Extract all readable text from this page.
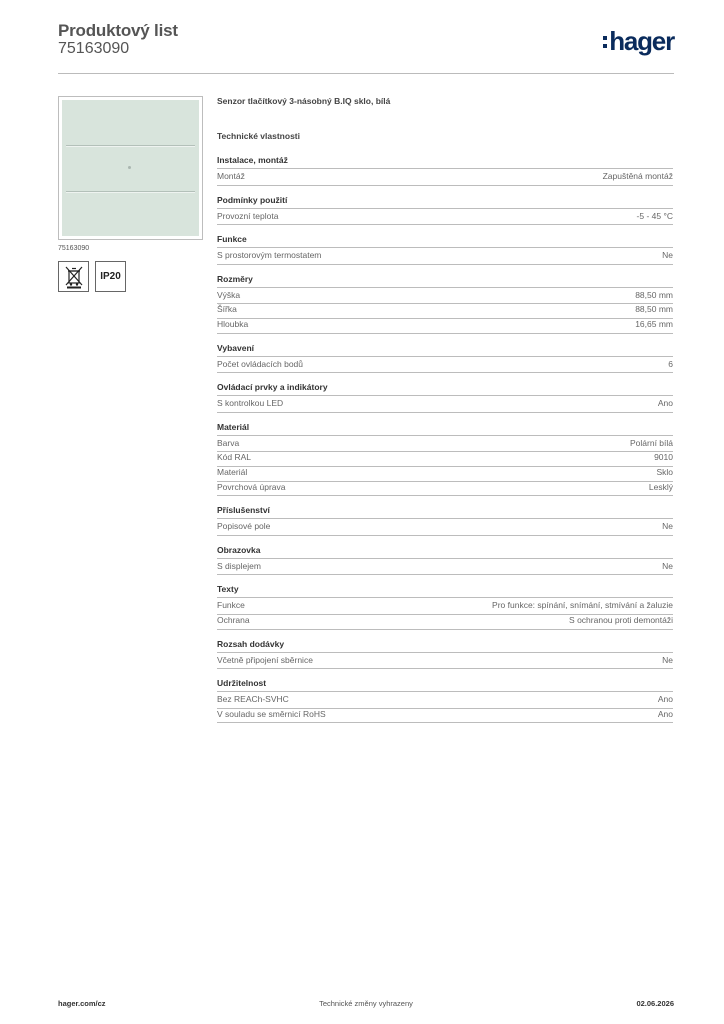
Produktový list
75163090	hager
75163090
IP20
Senzor tlačítkový 3-násobný B.IQ sklo, bílá
Technické vlastnosti
Instalace, montáž
Montáž	Zapuštěná montáž
Podmínky použití
Provozní teplota	-5 - 45 °C
Funkce
S prostorovým termostatem	Ne
Rozměry
Výška	88,50 mm
Šířka	88,50 mm
Hloubka	16,65 mm
Vybavení
Počet ovládacích bodů	6
Ovládací prvky a indikátory
S kontrolkou LED	Ano
Materiál
Barva	Polární bílá
Kód RAL	9010
Materiál	Sklo
Povrchová úprava	Lesklý
Příslušenství
Popisové pole	Ne
Obrazovka
S displejem	Ne
Texty
Funkce	Pro funkce: spínání, snímání, stmívání a žaluzie
Ochrana	S ochranou proti demontáži
Rozsah dodávky
Včetně připojení sběrnice	Ne
Udržitelnost
Bez REACh-SVHC	Ano
V souladu se směrnicí RoHS	Ano
hager.com/cz	Technické změny vyhrazeny	02.06.2026
